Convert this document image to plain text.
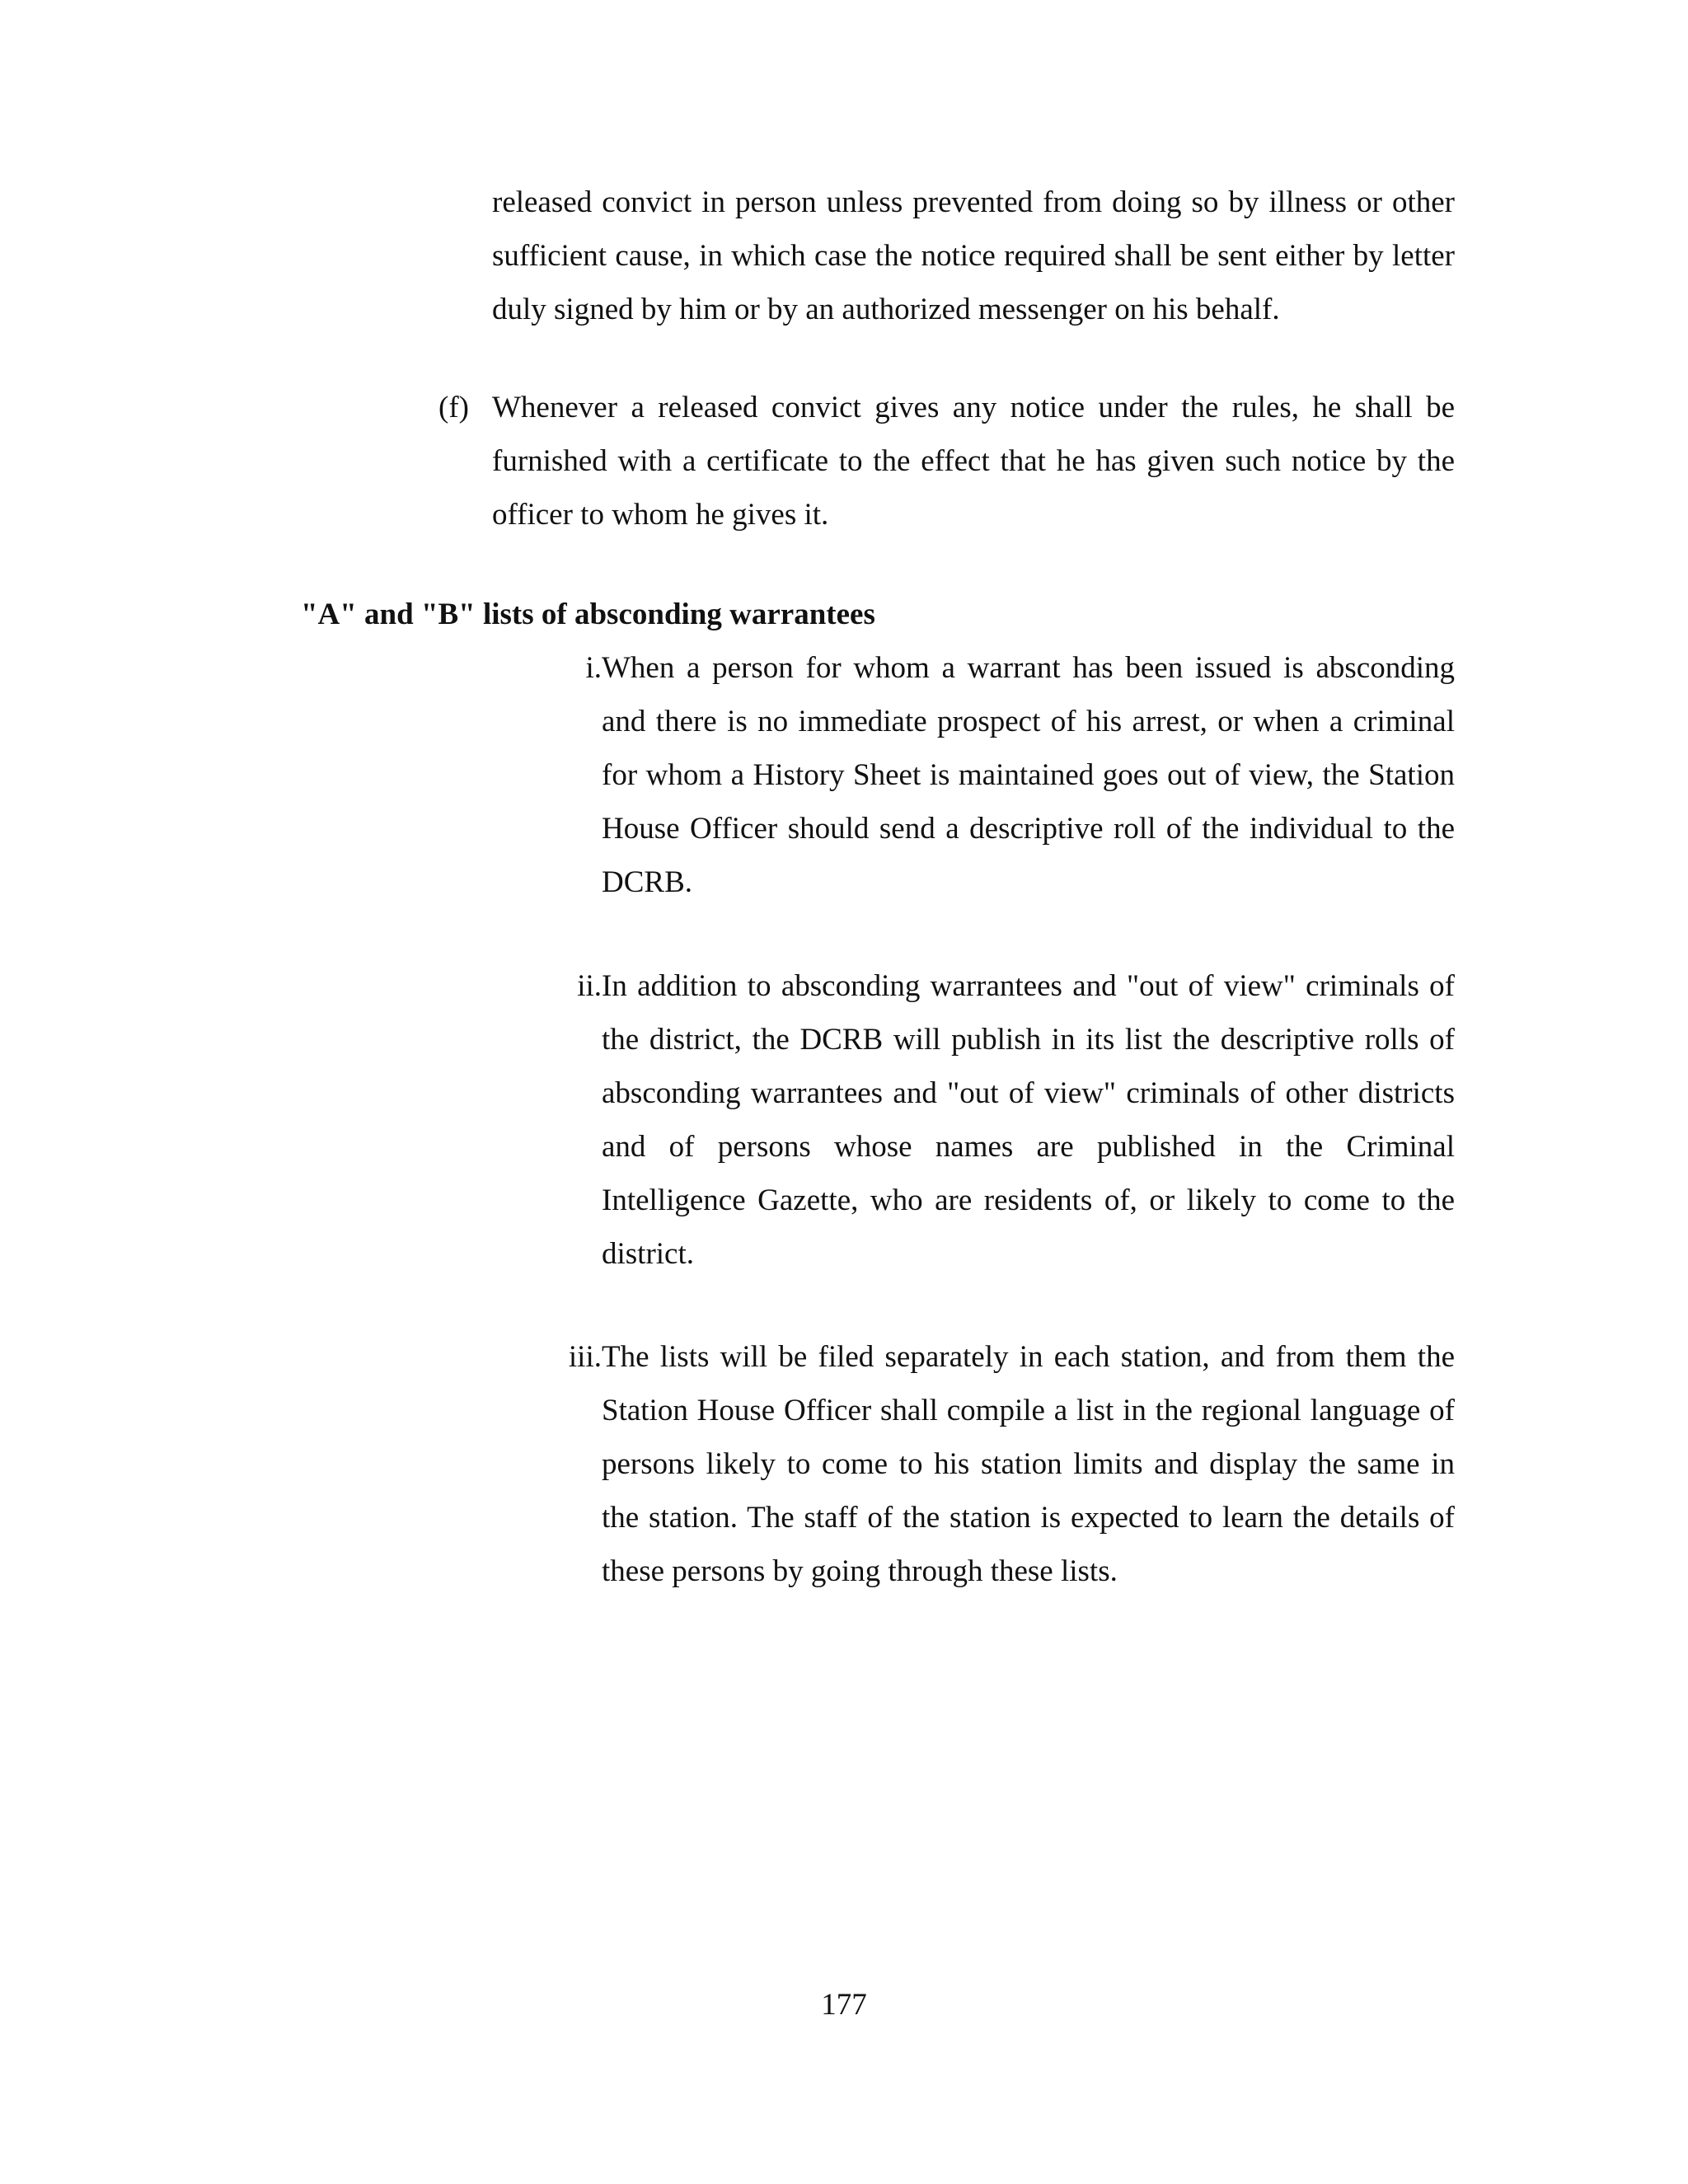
released convict in person unless prevented from doing so by illness or other sufficient cause, in which case the notice required shall be sent either by letter duly signed by him or by an authorized messenger on his behalf.

(f) Whenever a released convict gives any notice under the rules, he shall be furnished with a certificate to the effect that he has given such notice by the officer to whom he gives it.

"A" and "B" lists of absconding warrantees
i. When a person for whom a warrant has been issued is absconding and there is no immediate prospect of his arrest, or when a criminal for whom a History Sheet is maintained goes out of view, the Station House Officer should send a descriptive roll of the individual to the DCRB.

ii. In addition to absconding warrantees and "out of view" criminals of the district, the DCRB will publish in its list the descriptive rolls of absconding warrantees and "out of view" criminals of other districts and of persons whose names are published in the Criminal Intelligence Gazette, who are residents of, or likely to come to the district.

iii. The lists will be filed separately in each station, and from them the Station House Officer shall compile a list in the regional language of persons likely to come to his station limits and display the same in the station. The staff of the station is expected to learn the details of these persons by going through these lists.

177
